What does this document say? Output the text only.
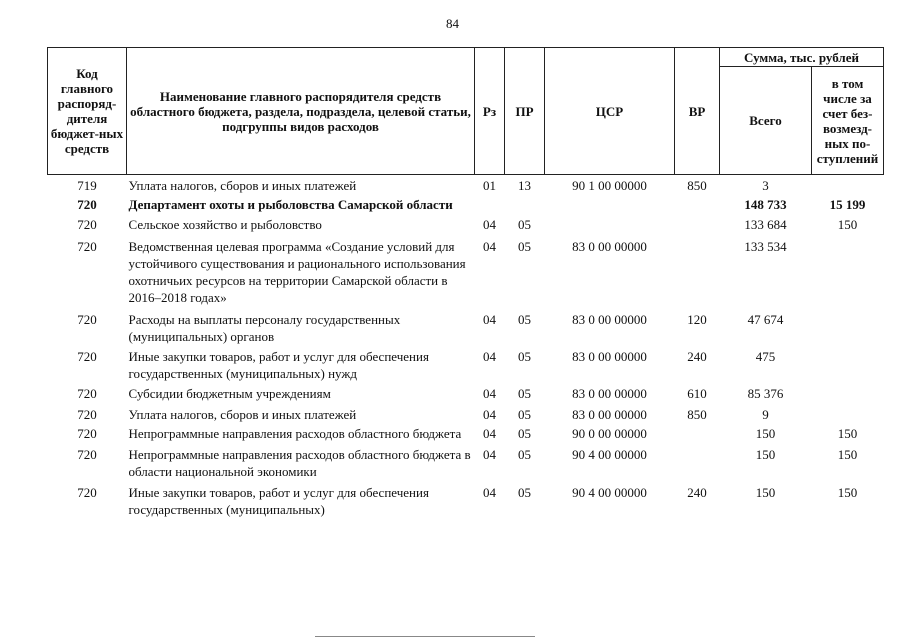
84
Код главного распоряд-дителя бюджет-ных средств	Наименование главного распорядителя средств областного бюджета, раздела, подраздела, целевой статьи, подгруппы видов расходов	Рз	ПР	ЦСР	ВР	Сумма, тыс. рублей	
						Всего	в том числе за счет без-возмезд-ных по-ступлений
719	Уплата налогов, сборов и иных платежей	01	13	90 1 00 00000	850	3	
720	Департамент охоты и рыболовства Самарской области					148 733	15 199
720	Сельское хозяйство и рыболовство	04	05			133 684	150
720	Ведомственная целевая программа «Создание условий для устойчивого существования и рационального использования охотничьих ресурсов на территории Самарской области в 2016–2018 годах»	04	05	83 0 00 00000		133 534	
720	Расходы на выплаты персоналу государственных (муниципальных) органов	04	05	83 0 00 00000	120	47 674	
720	Иные закупки товаров, работ и услуг для обеспечения государственных (муниципальных) нужд	04	05	83 0 00 00000	240	475	
720	Субсидии бюджетным учреждениям	04	05	83 0 00 00000	610	85 376	
720	Уплата налогов, сборов и иных платежей	04	05	83 0 00 00000	850	9	
720	Непрограммные направления расходов областного бюджета	04	05	90 0 00 00000		150	150
720	Непрограммные направления расходов областного бюджета в области национальной экономики	04	05	90 4 00 00000		150	150
720	Иные закупки товаров, работ и услуг для обеспечения государственных (муниципальных)	04	05	90 4 00 00000	240	150	150
